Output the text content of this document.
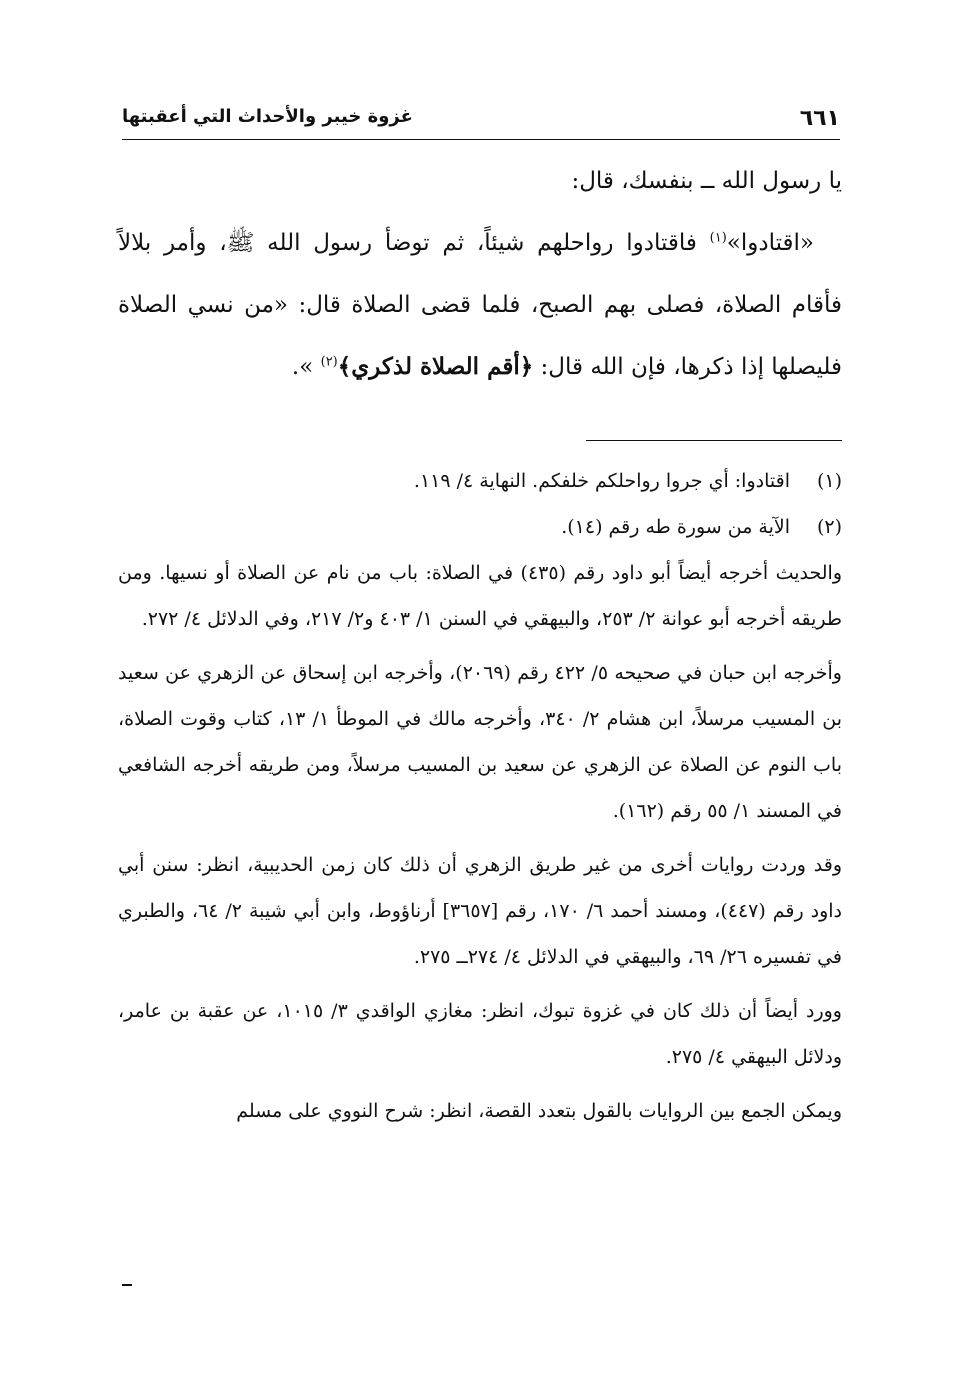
٦٦١
غزوة خيبر والأحداث التي أعقبتها

يا رسول الله ــ بنفسك، قال:

«اقتادوا»$^{(١)}$ فاقتادوا رواحلهم شيئاً، ثم توضأ رسول الله ﷺ، وأمر بلالاً فأقام الصلاة، فصلى بهم الصبح، فلما قضى الصلاة قال: «من نسي الصلاة فليصلها إذا ذكرها، فإن الله قال: ﴿أقم الصلاة لذكري﴾$^{(٢)}$ ».

(١)
اقتادوا: أي جروا رواحلكم خلفكم. النهاية ٤/ ١١٩.
(٢)
الآية من سورة طه رقم (١٤).

والحديث أخرجه أيضاً أبو داود رقم (٤٣٥) في الصلاة: باب من نام عن الصلاة أو نسيها. ومن طريقه أخرجه أبو عوانة ٢/ ٢٥٣، والبيهقي في السنن ١/ ٤٠٣ و٢/ ٢١٧، وفي الدلائل ٤/ ٢٧٢.

وأخرجه ابن حبان في صحيحه ٥/ ٤٢٢ رقم (٢٠٦٩)، وأخرجه ابن إسحاق عن الزهري عن سعيد بن المسيب مرسلاً، ابن هشام ٢/ ٣٤٠، وأخرجه مالك في الموطأ ١/ ١٣، كتاب وقوت الصلاة، باب النوم عن الصلاة عن الزهري عن سعيد بن المسيب مرسلاً، ومن طريقه أخرجه الشافعي في المسند ١/ ٥٥ رقم (١٦٢).

وقد وردت روايات أخرى من غير طريق الزهري أن ذلك كان زمن الحديبية، انظر: سنن أبي داود رقم (٤٤٧)، ومسند أحمد ٦/ ١٧٠، رقم [٣٦٥٧] أرناؤوط، وابن أبي شيبة ٢/ ٦٤، والطبري في تفسيره ٢٦/ ٦٩، والبيهقي في الدلائل ٤/ ٢٧٤ــ ٢٧٥.

وورد أيضاً أن ذلك كان في غزوة تبوك، انظر: مغازي الواقدي ٣/ ١٠١٥، عن عقبة بن عامر، ودلائل البيهقي ٤/ ٢٧٥.

ويمكن الجمع بين الروايات بالقول بتعدد القصة، انظر: شرح النووي على مسلم
